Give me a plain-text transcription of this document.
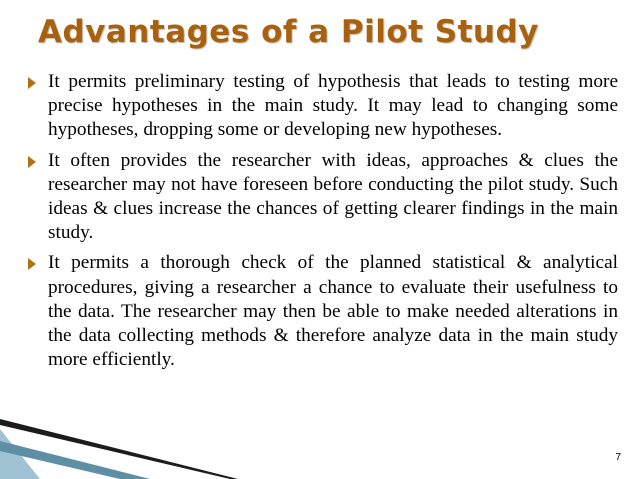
Advantages of a Pilot Study
It permits preliminary testing of hypothesis that leads to testing more precise hypotheses in the main study. It may lead to changing some hypotheses, dropping some or developing new hypotheses.
It often provides the researcher with ideas, approaches & clues the researcher may not have foreseen before conducting the pilot study. Such ideas & clues increase the chances of getting clearer findings in the main study.
It permits a thorough check of the planned statistical & analytical procedures, giving a researcher a chance to evaluate their usefulness to the data. The researcher may then be able to make needed alterations in the data collecting methods & therefore analyze data in the main study more efficiently.
7
